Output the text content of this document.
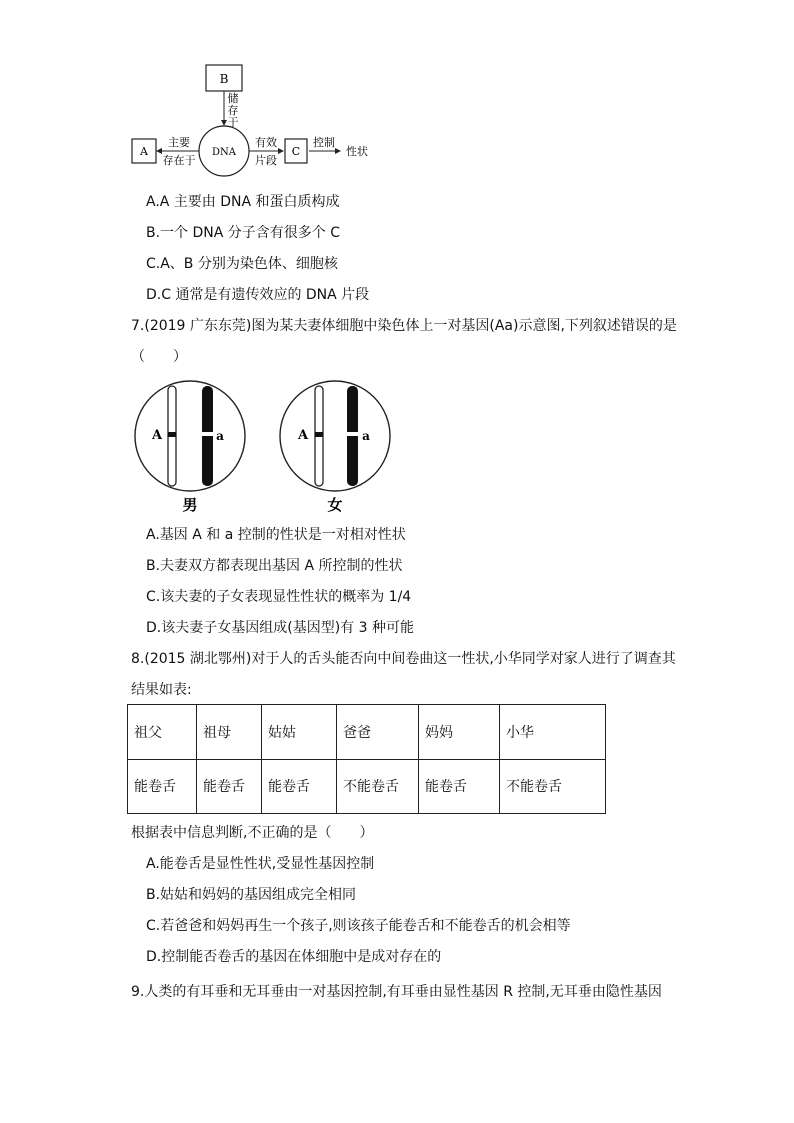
B
储
存
于
DNA
A
主要
存在于
有效
片段
C
控制
性状
A.A 主要由 DNA 和蛋白质构成
B.一个 DNA 分子含有很多个 C
C.A、B 分别为染色体、细胞核
D.C 通常是有遗传效应的 DNA 片段
7.(2019 广东东莞)图为某夫妻体细胞中染色体上一对基因(Aa)示意图,下列叙述错误的是
（　　）
A	a
男
A	a
女
A.基因 A 和 a 控制的性状是一对相对性状
B.夫妻双方都表现出基因 A 所控制的性状
C.该夫妻的子女表现显性性状的概率为 1/4
D.该夫妻子女基因组成(基因型)有 3 种可能
8.(2015 湖北鄂州)对于人的舌头能否向中间卷曲这一性状,小华同学对家人进行了调查其
结果如表:
祖父	祖母	姑姑	爸爸	妈妈	小华
能卷舌	能卷舌	能卷舌	不能卷舌	能卷舌	不能卷舌
根据表中信息判断,不正确的是（　　）
A.能卷舌是显性性状,受显性基因控制
B.姑姑和妈妈的基因组成完全相同
C.若爸爸和妈妈再生一个孩子,则该孩子能卷舌和不能卷舌的机会相等
D.控制能否卷舌的基因在体细胞中是成对存在的
9.人类的有耳垂和无耳垂由一对基因控制,有耳垂由显性基因 R 控制,无耳垂由隐性基因
